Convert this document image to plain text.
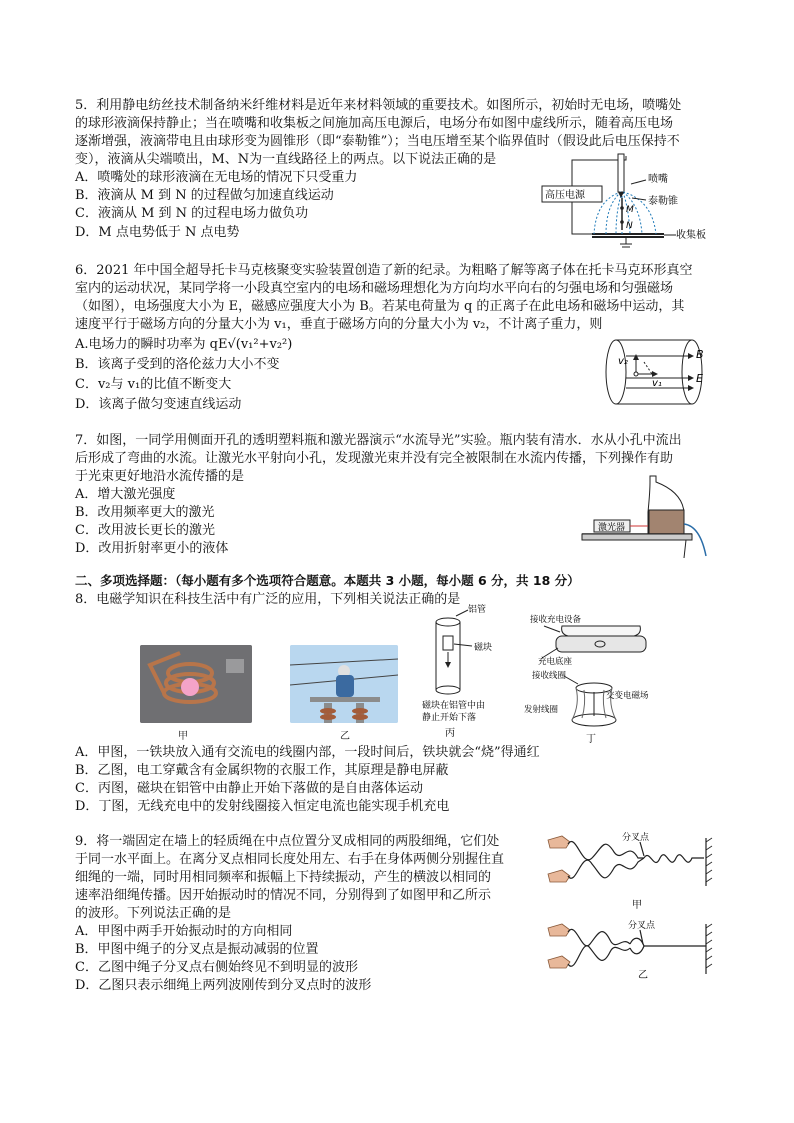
5．利用静电纺丝技术制备纳米纤维材料是近年来材料领域的重要技术。如图所示，初始时无电场，喷嘴处
的球形液滴保持静止；当在喷嘴和收集板之间施加高压电源后，电场分布如图中虚线所示，随着高压电场
逐渐增强，液滴带电且由球形变为圆锥形（即“泰勒锥”）；当电压增至某个临界值时（假设此后电压保持不
变），液滴从尖端喷出，M、N为一直线路径上的两点。以下说法正确的是
A．喷嘴处的球形液滴在无电场的情况下只受重力
B．液滴从 M 到 N 的过程做匀加速直线运动
C．液滴从 M 到 N 的过程电场力做负功
D．M 点电势低于 N 点电势
高压电源
喷嘴
泰勒锥
M
N
收集板
6．2021 年中国全超导托卡马克核聚变实验装置创造了新的纪录。为粗略了解等离子体在托卡马克环形真空
室内的运动状况，某同学将一小段真空室内的电场和磁场理想化为方向均水平向右的匀强电场和匀强磁场
（如图），电场强度大小为 E，磁感应强度大小为 B。若某电荷量为 q 的正离子在此电场和磁场中运动，其
速度平行于磁场方向的分量大小为 v₁，垂直于磁场方向的分量大小为 v₂，不计离子重力，则
A.电场力的瞬时功率为 qE√(v₁²+v₂²)
B．该离子受到的洛伦兹力大小不变
C．v₂与 v₁的比值不断变大
D．该离子做匀变速直线运动
B
E
v₂
v₁
7．如图，一同学用侧面开孔的透明塑料瓶和激光器演示“水流导光”实验。瓶内装有清水．水从小孔中流出
后形成了弯曲的水流。让激光水平射向小孔，发现激光束并没有完全被限制在水流内传播，下列操作有助
于光束更好地沿水流传播的是
A．增大激光强度
B．改用频率更大的激光
C．改用波长更长的激光
D．改用折射率更小的液体
激光器
二、多项选择题：（每小题有多个选项符合题意。本题共 3 小题，每小题 6 分，共 18 分）
8．电磁学知识在科技生活中有广泛的应用，下列相关说法正确的是
甲	乙
铝管
磁块
磁块在铝管中由
静止开始下落
丙
接收充电设备
充电底座
接收线圈
交变电磁场
发射线圈
丁
A．甲图，一铁块放入通有交流电的线圈内部，一段时间后，铁块就会“烧”得通红
B．乙图，电工穿戴含有金属织物的衣服工作，其原理是静电屏蔽
C．丙图，磁块在铝管中由静止开始下落做的是自由落体运动
D．丁图，无线充电中的发射线圈接入恒定电流也能实现手机充电
9．将一端固定在墙上的轻质绳在中点位置分叉成相同的两股细绳，它们处
于同一水平面上。在离分叉点相同长度处用左、右手在身体两侧分别握住直
细绳的一端，同时用相同频率和振幅上下持续振动，产生的横波以相同的
速率沿细绳传播。因开始振动时的情况不同，分别得到了如图甲和乙所示
的波形。下列说法正确的是
A．甲图中两手开始振动时的方向相同
B．甲图中绳子的分叉点是振动减弱的位置
C．乙图中绳子分叉点右侧始终见不到明显的波形
D．乙图只表示细绳上两列波刚传到分叉点时的波形
分叉点
甲
分叉点
乙
